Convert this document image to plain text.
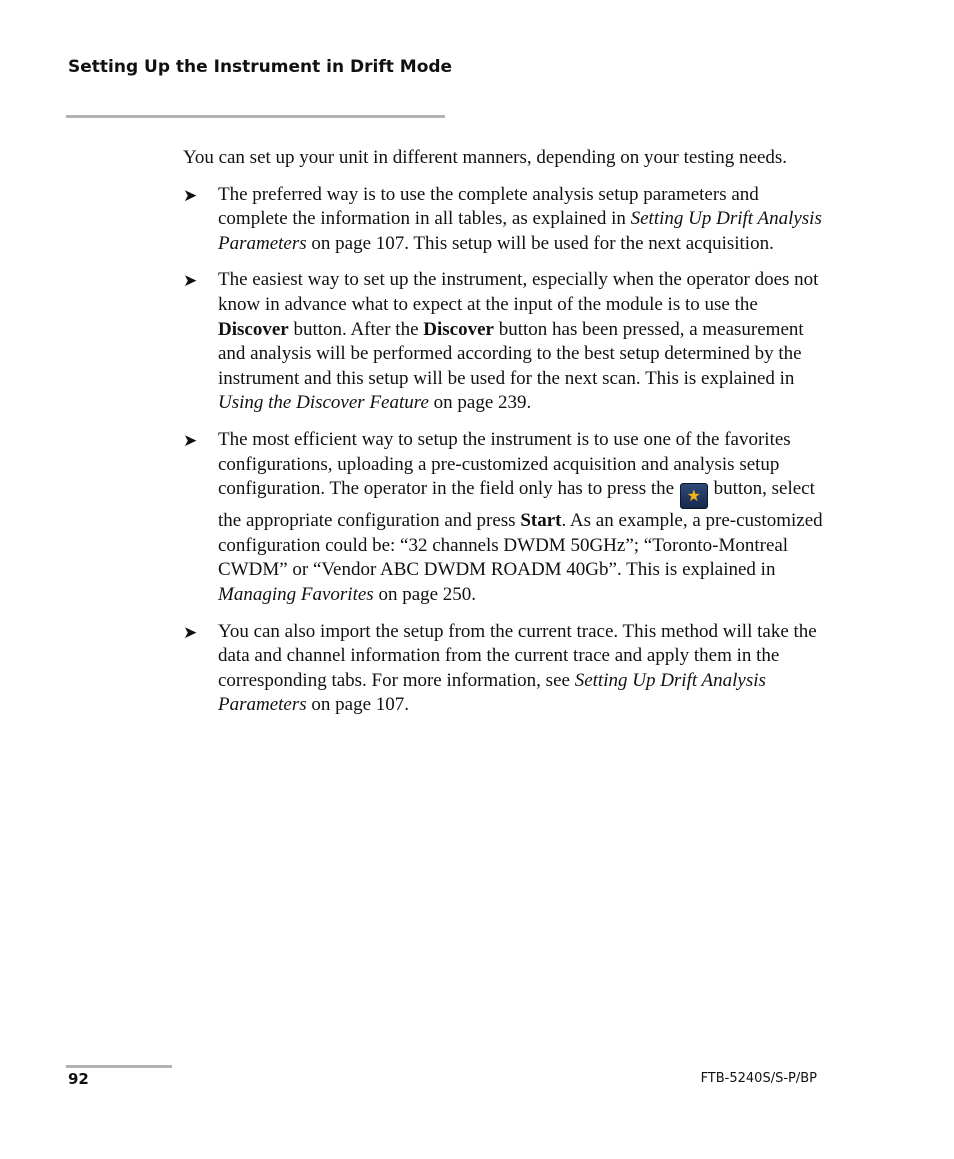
Setting Up the Instrument in Drift Mode

You can set up your unit in different manners, depending on your testing needs.

➤ The preferred way is to use the complete analysis setup parameters and complete the information in all tables, as explained in Setting Up Drift Analysis Parameters on page 107. This setup will be used for the next acquisition.
➤ The easiest way to set up the instrument, especially when the operator does not know in advance what to expect at the input of the module is to use the Discover button. After the Discover button has been pressed, a measurement and analysis will be performed according to the best setup determined by the instrument and this setup will be used for the next scan. This is explained in Using the Discover Feature on page 239.
➤ The most efficient way to setup the instrument is to use one of the favorites configurations, uploading a pre-customized acquisition and analysis setup configuration. The operator in the field only has to press the ★ button, select the appropriate configuration and press Start. As an example, a pre-customized configuration could be: “32 channels DWDM 50GHz”; “Toronto-Montreal CWDM” or “Vendor ABC DWDM ROADM 40Gb”. This is explained in Managing Favorites on page 250.
➤ You can also import the setup from the current trace. This method will take the data and channel information from the current trace and apply them in the corresponding tabs. For more information, see Setting Up Drift Analysis Parameters on page 107.
92	FTB-5240S/S-P/BP
